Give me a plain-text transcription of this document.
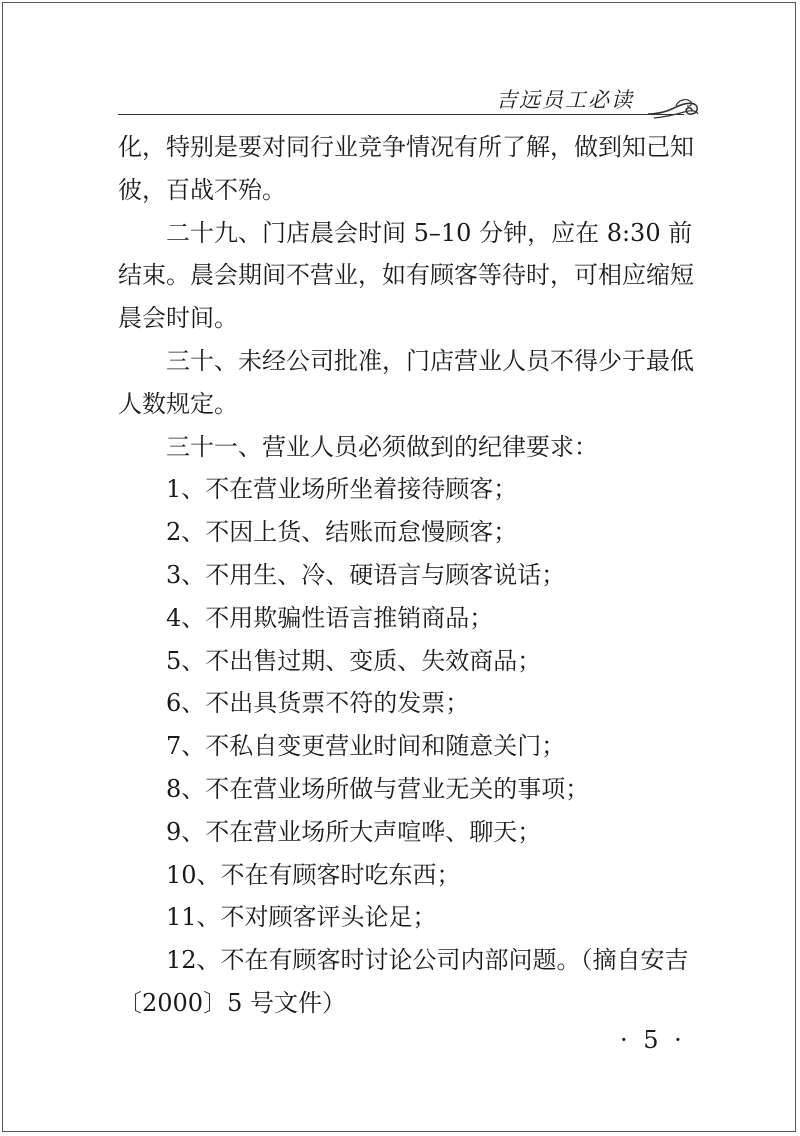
吉远员工必读

化，特别是要对同行业竞争情况有所了解，做到知己知彼，百战不殆。

二十九、门店晨会时间 5–10 分钟，应在 8:30 前结束。晨会期间不营业，如有顾客等待时，可相应缩短晨会时间。

三十、未经公司批准，门店营业人员不得少于最低人数规定。

三十一、营业人员必须做到的纪律要求：

1、不在营业场所坐着接待顾客；

2、不因上货、结账而怠慢顾客；

3、不用生、冷、硬语言与顾客说话；

4、不用欺骗性语言推销商品；

5、不出售过期、变质、失效商品；

6、不出具货票不符的发票；

7、不私自变更营业时间和随意关门；

8、不在营业场所做与营业无关的事项；

9、不在营业场所大声喧哗、聊天；

10、不在有顾客时吃东西；

11、不对顾客评头论足；

12、不在有顾客时讨论公司内部问题。（摘自安吉〔2000〕5 号文件）

· 5 ·
